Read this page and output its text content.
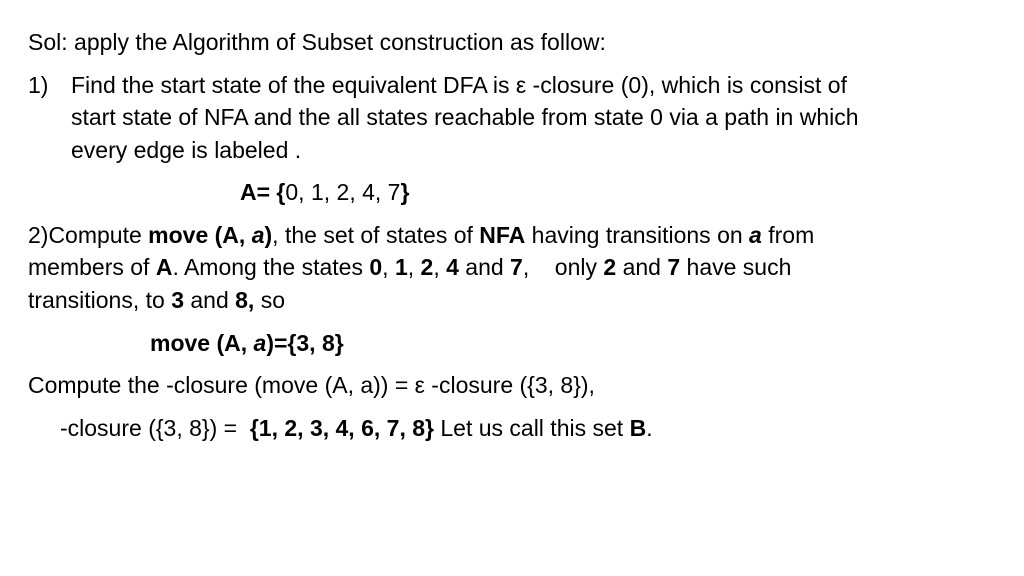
Sol: apply the Algorithm of Subset construction as follow:
1) Find the start state of the equivalent DFA is ε -closure (0), which is consist of
start state of NFA and the all states reachable from state 0 via a path in which
every edge is labeled .
A= {0, 1, 2, 4, 7}
2)Compute move (A, a), the set of states of NFA having transitions on a from
members of A. Among the states 0, 1, 2, 4 and 7,    only 2 and 7 have such
transitions, to 3 and 8, so
move (A, a)={3, 8}
Compute the -closure (move (A, a)) = ε -closure ({3, 8}),
-closure ({3, 8}) =  {1, 2, 3, 4, 6, 7, 8} Let us call this set B.
